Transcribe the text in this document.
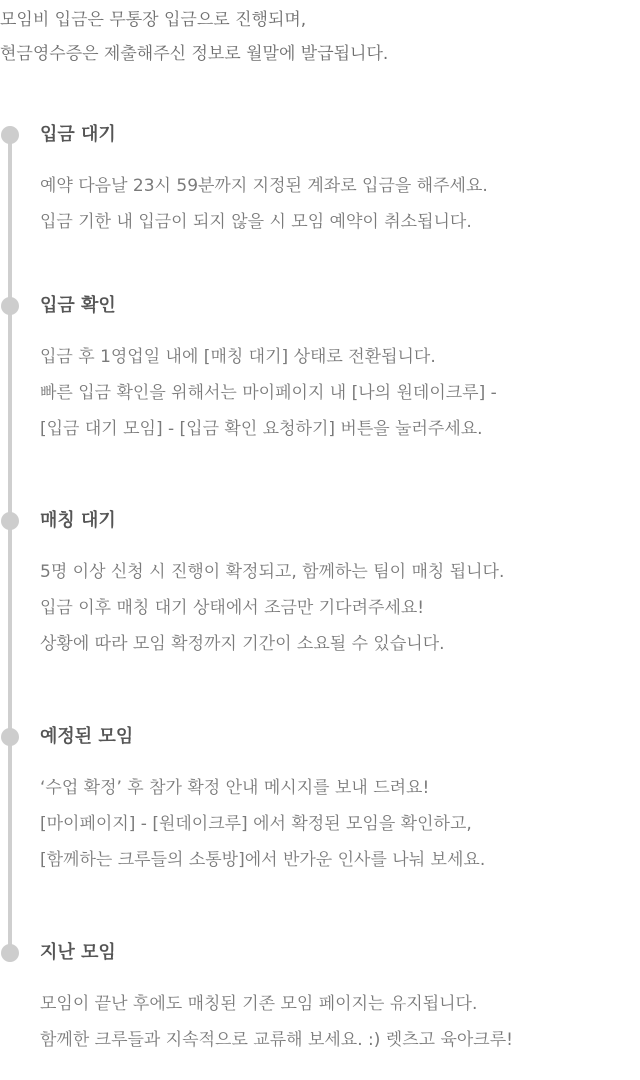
모임비 입금은 무통장 입금으로 진행되며,
현금영수증은 제출해주신 정보로 월말에 발급됩니다.
입금 대기
예약 다음날 23시 59분까지 지정된 계좌로 입금을 해주세요.
입금 기한 내 입금이 되지 않을 시 모임 예약이 취소됩니다.
입금 확인
입금 후 1영업일 내에 [매칭 대기] 상태로 전환됩니다.
빠른 입금 확인을 위해서는 마이페이지 내 [나의 원데이크루] -
[입금 대기 모임] - [입금 확인 요청하기] 버튼을 눌러주세요.
매칭 대기
5명 이상 신청 시 진행이 확정되고, 함께하는 팀이 매칭 됩니다.
입금 이후 매칭 대기 상태에서 조금만 기다려주세요!
상황에 따라 모임 확정까지 기간이 소요될 수 있습니다.
예정된 모임
‘수업 확정’ 후 참가 확정 안내 메시지를 보내 드려요!
[마이페이지] - [원데이크루] 에서 확정된 모임을 확인하고,
[함께하는 크루들의 소통방]에서 반가운 인사를 나눠 보세요.
지난 모임
모임이 끝난 후에도 매칭된 기존 모임 페이지는 유지됩니다.
함께한 크루들과 지속적으로 교류해 보세요. :) 렛츠고 육아크루!
